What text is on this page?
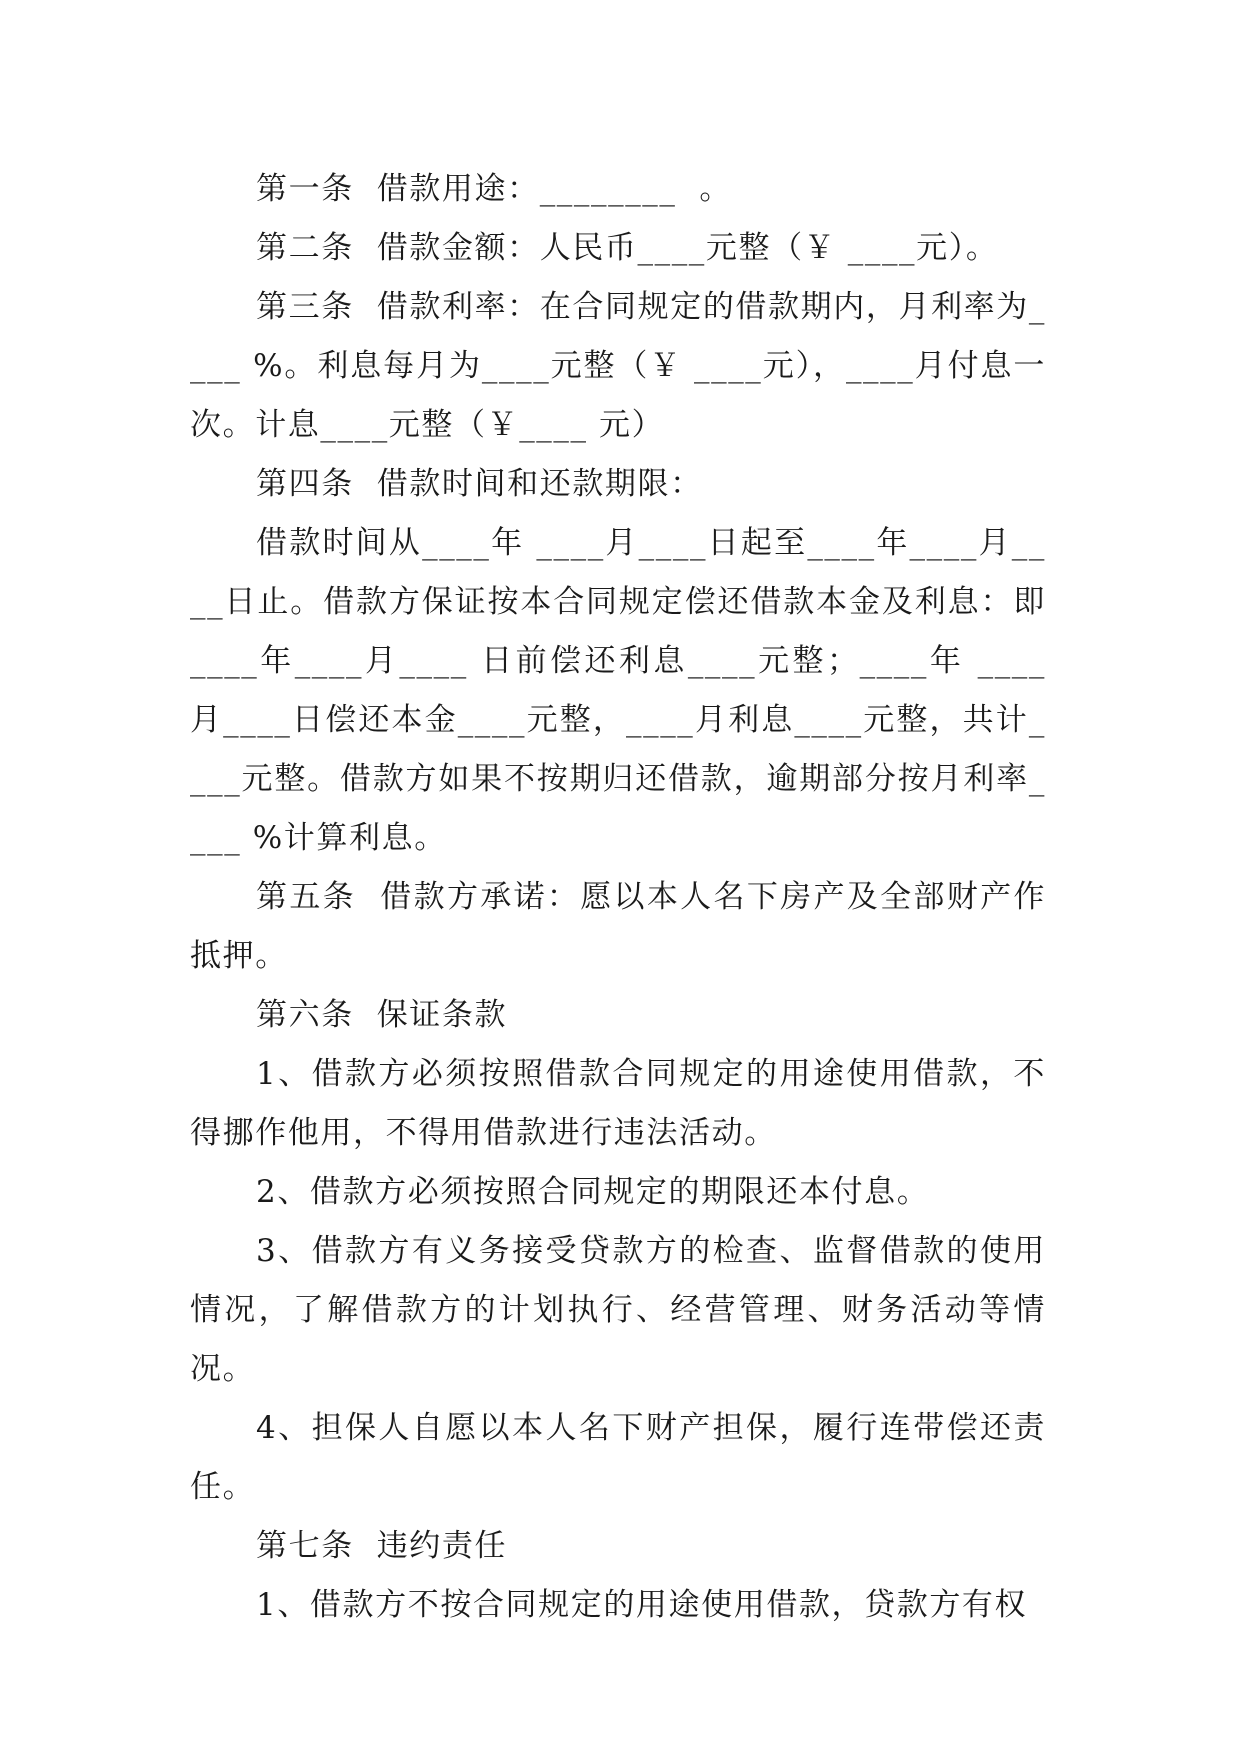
第一条  借款用途：________  。

第二条  借款金额：人民币____元整（￥ ____元）。

第三条  借款利率：在合同规定的借款期内，月利率为____ %。利息每月为____元整（￥ ____元），____月付息一次。计息____元整（￥____ 元）

第四条  借款时间和还款期限：

借款时间从____年 ____月____日起至____年____月____日止。借款方保证按本合同规定偿还借款本金及利息：即____年____月____ 日前偿还利息____元整；____年 ____月____日偿还本金____元整，____月利息____元整，共计____元整。借款方如果不按期归还借款，逾期部分按月利率____ %计算利息。

第五条  借款方承诺：愿以本人名下房产及全部财产作抵押。

第六条  保证条款

1、借款方必须按照借款合同规定的用途使用借款，不得挪作他用，不得用借款进行违法活动。

2、借款方必须按照合同规定的期限还本付息。

3、借款方有义务接受贷款方的检查、监督借款的使用情况，了解借款方的计划执行、经营管理、财务活动等情况。

4、担保人自愿以本人名下财产担保，履行连带偿还责任。

第七条  违约责任

1、借款方不按合同规定的用途使用借款，贷款方有权
